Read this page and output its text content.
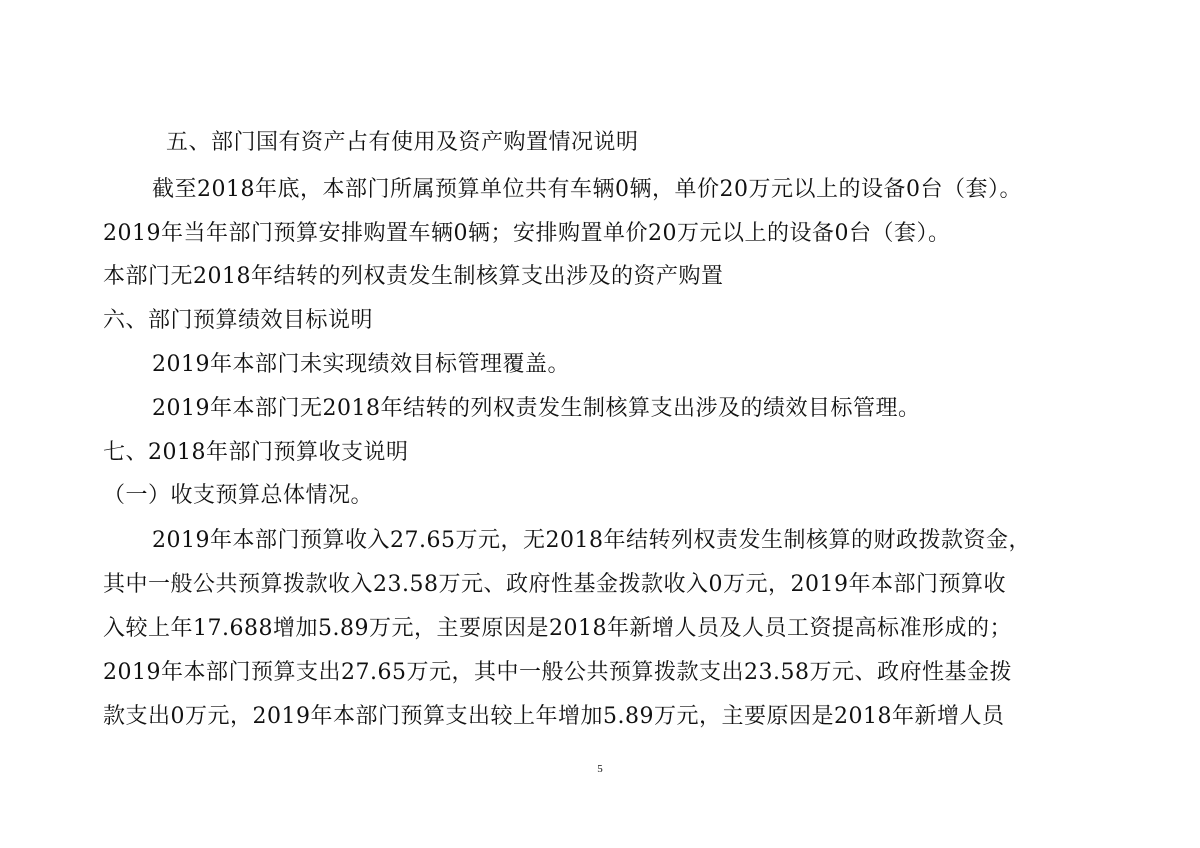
五、部门国有资产占有使用及资产购置情况说明
截至2018年底，本部门所属预算单位共有车辆0辆，单价20万元以上的设备0台（套）。
2019年当年部门预算安排购置车辆0辆；安排购置单价20万元以上的设备0台（套）。
本部门无2018年结转的列权责发生制核算支出涉及的资产购置
六、部门预算绩效目标说明
2019年本部门未实现绩效目标管理覆盖。
2019年本部门无2018年结转的列权责发生制核算支出涉及的绩效目标管理。
七、2018年部门预算收支说明
（一）收支预算总体情况。
2019年本部门预算收入27.65万元，无2018年结转列权责发生制核算的财政拨款资金，
其中一般公共预算拨款收入23.58万元、政府性基金拨款收入0万元，2019年本部门预算收
入较上年17.688增加5.89万元，主要原因是2018年新增人员及人员工资提高标准形成的；
2019年本部门预算支出27.65万元，其中一般公共预算拨款支出23.58万元、政府性基金拨
款支出0万元，2019年本部门预算支出较上年增加5.89万元，主要原因是2018年新增人员
5
